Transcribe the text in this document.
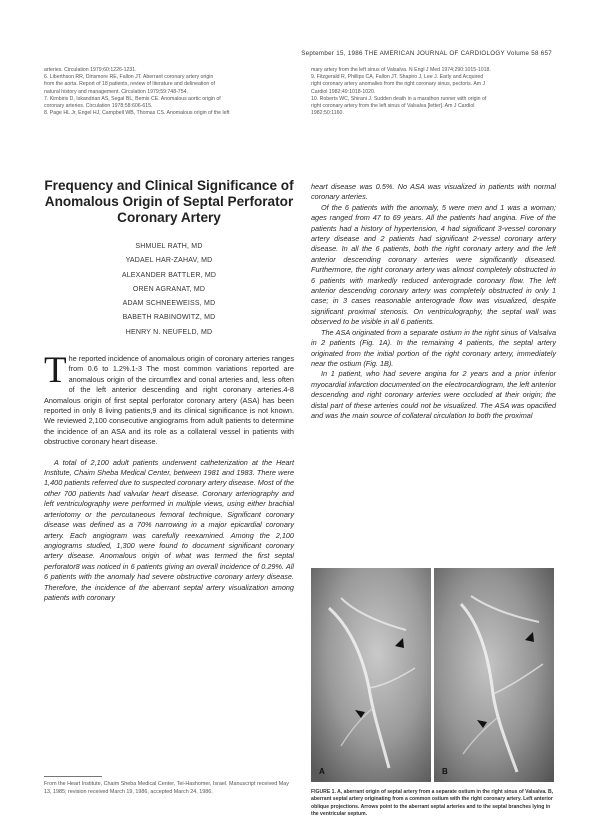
September 15, 1986 THE AMERICAN JOURNAL OF CARDIOLOGY Volume 58 657
arteries. Circulation 1979;60:1226-1231.
6. Liberthson RR, Dinsmore RE, Fallon JT. Aberrant coronary artery origin
from the aorta. Report of 18 patients, review of literature and delineation of
natural history and management. Circulation 1979;59:748-754.
7. Kimbiris D, Iskandrian AS, Segal BL, Bemis CE. Anomalous aortic origin of
coronary arteries. Circulation 1978;58:606-615.
8. Page HL Jr, Engel HJ, Campbell WB, Thomas CS. Anomalous origin of the left
mary artery from the left sinus of Valsalva. N Engl J Med 1974;290:1015-1018.
9. Fitzgerald R, Phillips CA, Fallon JT. Shapiro J, Lee J. Early and Acquired
right coronary artery anomalies from the right coronary sinus, pectoris. Am J
Cardiol 1982;49:1018-1020.
10. Roberts WC, Shirani J. Sudden death in a marathon runner with origin of
right coronary artery from the left sinus of Valsalva [letter]. Am J Cardiol
1982;50:1160.
Frequency and Clinical Significance of Anomalous Origin of Septal Perforator Coronary Artery
SHMUEL RATH, MD
YADAEL HAR-ZAHAV, MD
ALEXANDER BATTLER, MD
OREN AGRANAT, MD
ADAM SCHNEEWEISS, MD
BABETH RABINOWITZ, MD
HENRY N. NEUFELD, MD

The reported incidence of anomalous origin of coronary arteries ranges from 0.6 to 1.2%.1-3 The most common variations reported are anomalous origin of the circumflex and conal arteries and, less often of the left anterior descending and right coronary arteries.4-8 Anomalous origin of first septal perforator coronary artery (ASA) has been reported in only 8 living patients,9 and its clinical significance is not known. We reviewed 2,100 consecutive angiograms from adult patients to determine the incidence of an ASA and its role as a collateral vessel in patients with obstructive coronary heart disease.

A total of 2,100 adult patients underwent catheterization at the Heart Institute, Chaim Sheba Medical Center, between 1981 and 1983. There were 1,400 patients referred due to suspected coronary artery disease. Most of the other 700 patients had valvular heart disease. Coronary arteriography and left ventriculography were performed in multiple views, using either brachial arteriotomy or the percutaneous femoral technique. Significant coronary disease was defined as a 70% narrowing in a major epicardial coronary artery. Each angiogram was carefully reexamined. Among the 2,100 angiograms studied, 1,300 were found to document significant coronary artery disease. Anomalous origin of what was termed the first septal perforator8 was noticed in 6 patients giving an overall incidence of 0.29%. All 6 patients with the anomaly had severe obstructive coronary artery disease. Therefore, the incidence of the aberrant septal artery visualization among patients with coronary

From the Heart Institute, Chaim Sheba Medical Center, Tel-Hashomer, Israel. Manuscript received May 13, 1985; revision received March 19, 1986, accepted March 24, 1986.

heart disease was 0.5%. No ASA was visualized in patients with normal coronary arteries.

Of the 6 patients with the anomaly, 5 were men and 1 was a woman; ages ranged from 47 to 69 years. All the patients had angina. Five of the patients had a history of hypertension, 4 had significant 3-vessel coronary artery disease and 2 patients had significant 2-vessel coronary artery disease. In all the 6 patients, both the right coronary artery and the left anterior descending coronary arteries were significantly diseased. Furthermore, the right coronary artery was almost completely obstructed in 6 patients with markedly reduced anterograde coronary flow. The left anterior descending coronary artery was completely obstructed in only 1 case; in 3 cases reasonable anterograde flow was visualized, despite significant proximal stenosis. On ventriculography, the septal wall was observed to be visible in all 6 patients.

The ASA originated from a separate ostium in the right sinus of Valsalva in 2 patients (Fig. 1A). In the remaining 4 patients, the septal artery originated from the initial portion of the right coronary artery, immediately near the ostium (Fig. 1B).

In 1 patient, who had severe angina for 2 years and a prior inferior myocardial infarction documented on the electrocardiogram, the left anterior descending and right coronary arteries were occluded at their origin; the distal part of these arteries could not be visualized. The ASA was opacified and was the main source of collateral circulation to both the proximal

A	B
FIGURE 1. A, aberrant origin of septal artery from a separate ostium in the right sinus of Valsalva. B, aberrant septal artery originating from a common ostium with the right coronary artery. Left anterior oblique projections. Arrows point to the aberrant septal arteries and to the septal branches lying in the ventricular septum.
